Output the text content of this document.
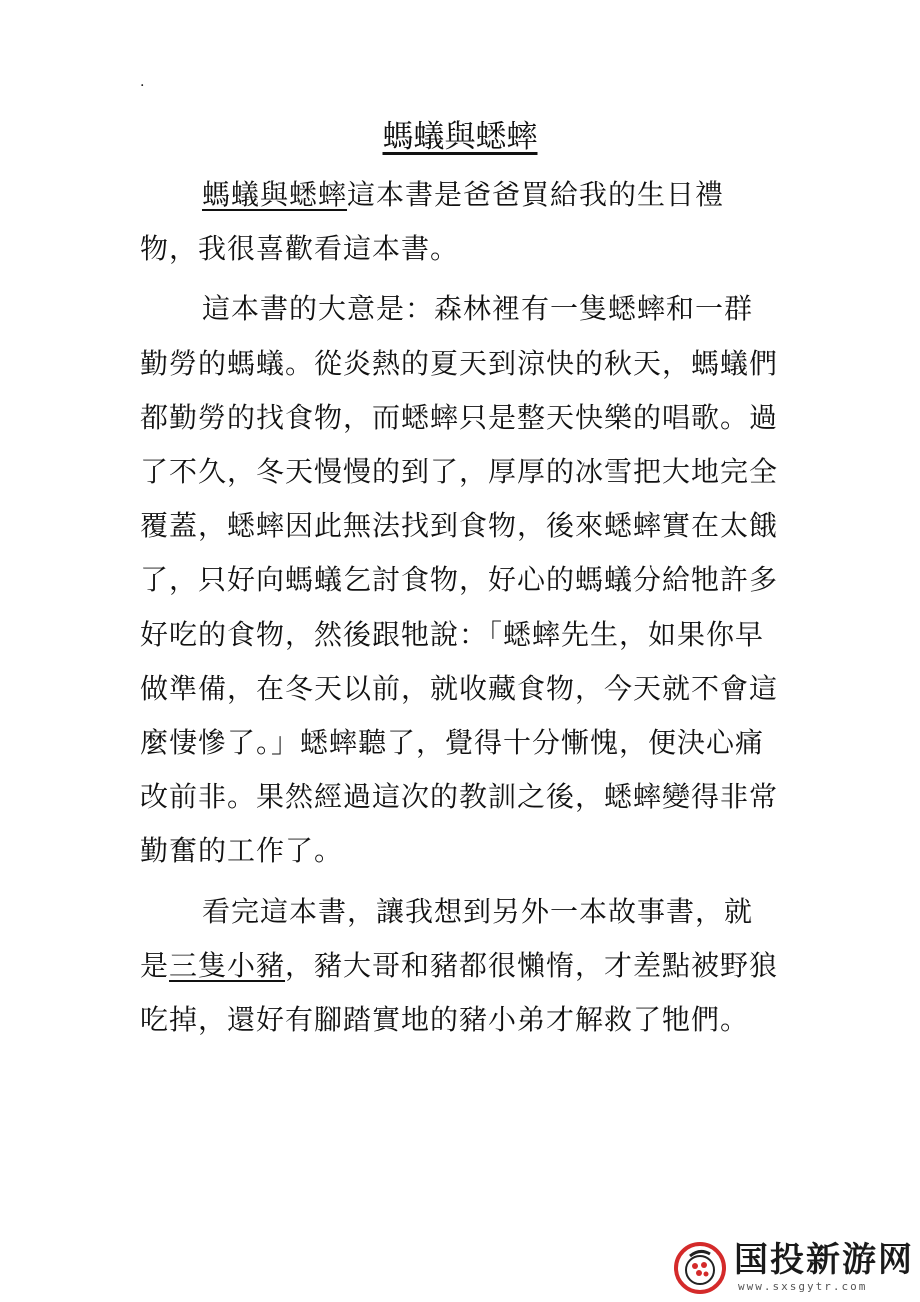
.
螞蟻與蟋蟀

螞蟻與蟋蟀這本書是爸爸買給我的生日禮物，我很喜歡看這本書。

這本書的大意是：森林裡有一隻蟋蟀和一群勤勞的螞蟻。從炎熱的夏天到涼快的秋天，螞蟻們都勤勞的找食物，而蟋蟀只是整天快樂的唱歌。過了不久，冬天慢慢的到了，厚厚的冰雪把大地完全覆蓋，蟋蟀因此無法找到食物，後來蟋蟀實在太餓了，只好向螞蟻乞討食物，好心的螞蟻分給牠許多好吃的食物，然後跟牠說：「蟋蟀先生，如果你早做準備，在冬天以前，就收藏食物，今天就不會這麼悽慘了。」蟋蟀聽了，覺得十分慚愧，便決心痛改前非。果然經過這次的教訓之後，蟋蟀變得非常勤奮的工作了。

看完這本書，讓我想到另外一本故事書，就是三隻小豬，豬大哥和豬都很懶惰，才差點被野狼吃掉，還好有腳踏實地的豬小弟才解救了牠們。

国投新游网
www.sxsgytr.com
